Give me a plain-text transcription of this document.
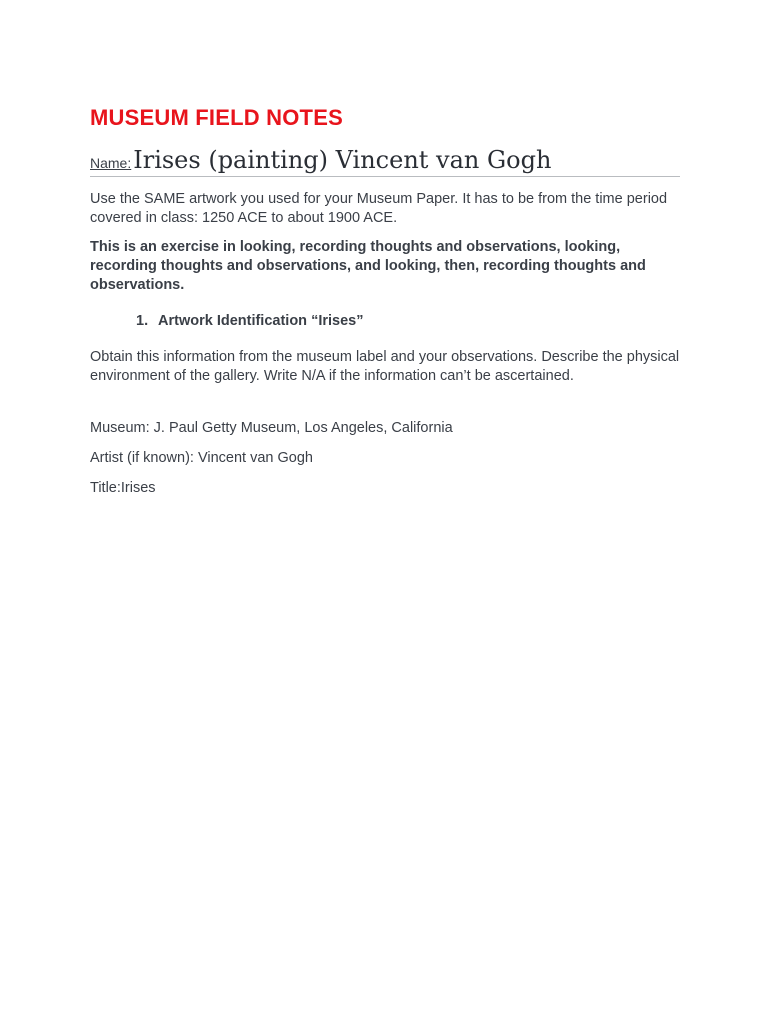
MUSEUM FIELD NOTES
Name: Irises (painting) Vincent van Gogh

Use the SAME artwork you used for your Museum Paper. It has to be from the time period covered in class: 1250 ACE to about 1900 ACE.

This is an exercise in looking, recording thoughts and observations, looking, recording thoughts and observations, and looking, then, recording thoughts and observations.

1. Artwork Identification “Irises”

Obtain this information from the museum label and your observations. Describe the physical environment of the gallery. Write N/A if the information can’t be ascertained.

Museum: J. Paul Getty Museum, Los Angeles, California
Artist (if known): Vincent van Gogh
Title:Irises
